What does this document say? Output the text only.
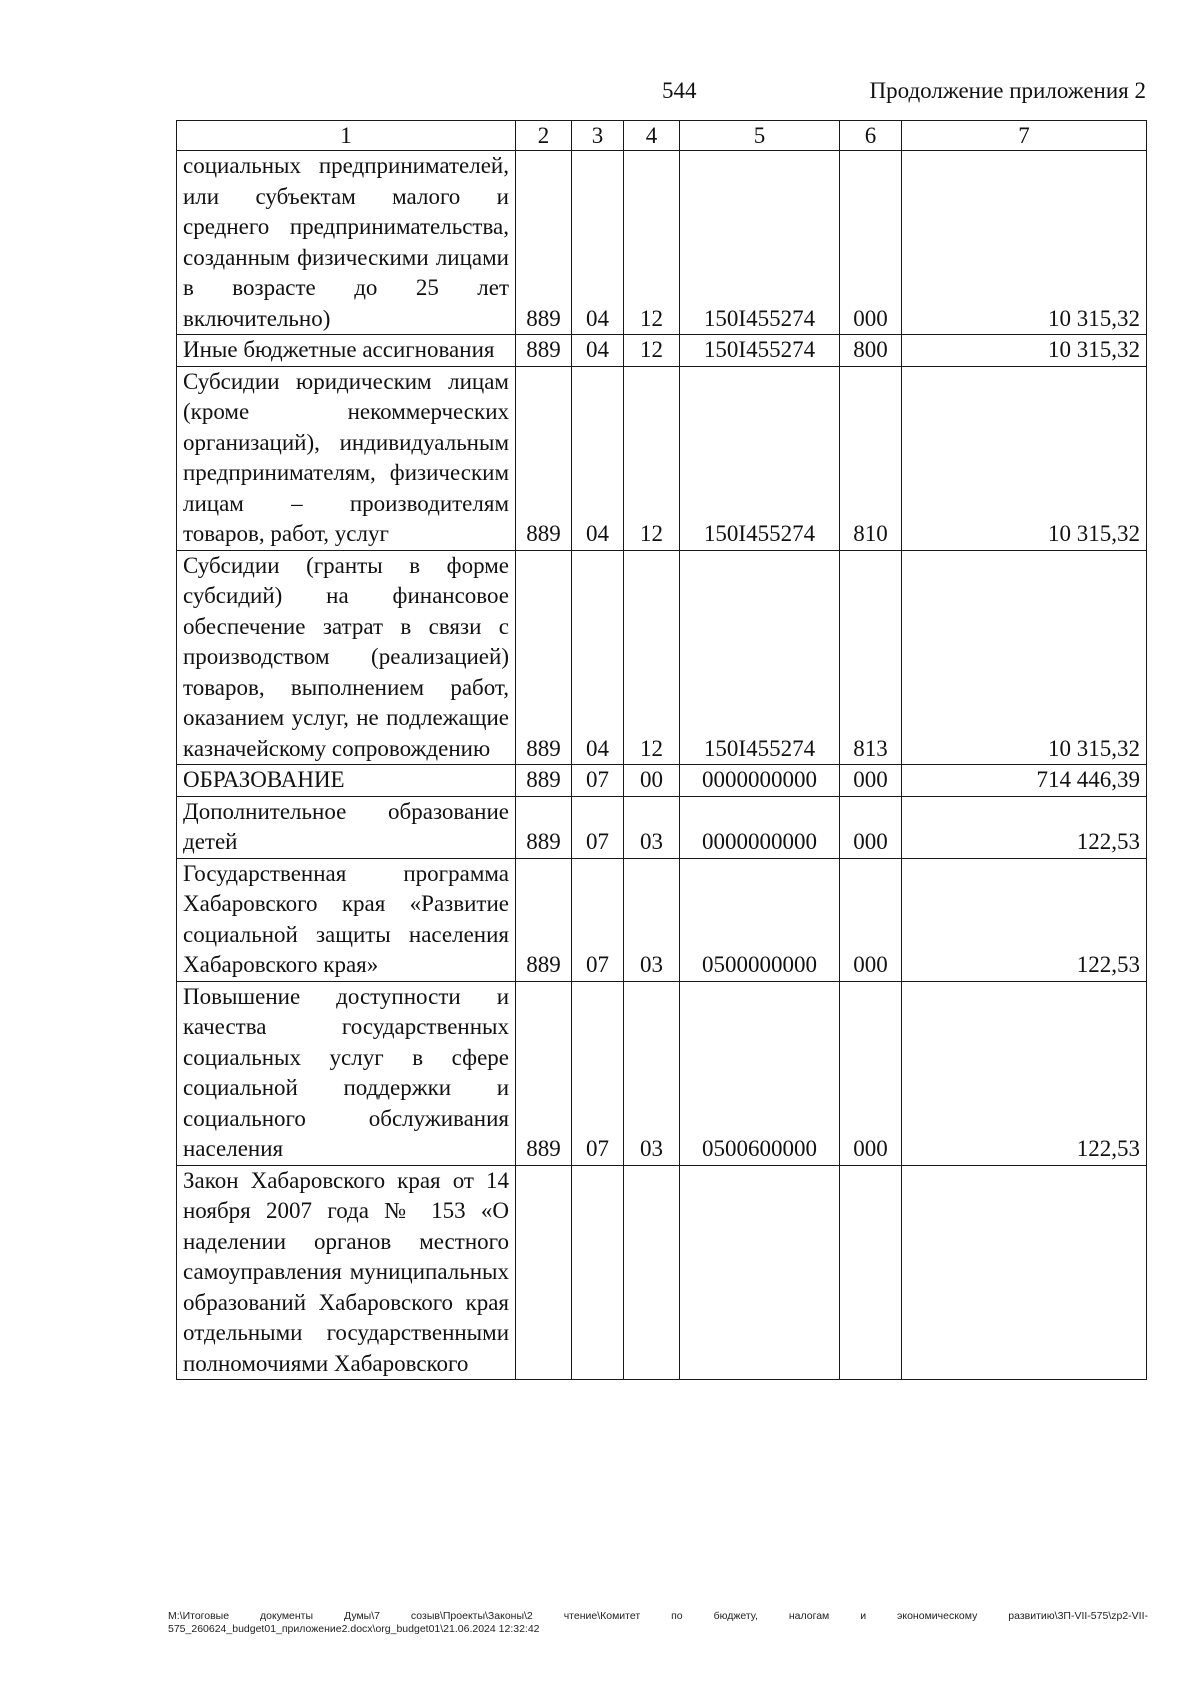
544	Продолжение приложения 2
1	2	3	4	5	6	7
социальных предпринимателей, или субъектам малого и среднего предпринимательства, созданным физическими лицами в возрасте до 25 лет включительно)	889	04	12	150I455274	000	10 315,32
Иные бюджетные ассигнования	889	04	12	150I455274	800	10 315,32
Субсидии юридическим лицам (кроме некоммерческих организаций), индивидуальным предпринимателям, физическим лицам – производителям товаров, работ, услуг	889	04	12	150I455274	810	10 315,32
Субсидии (гранты в форме субсидий) на финансовое обеспечение затрат в связи с производством (реализацией) товаров, выполнением работ, оказанием услуг, не подлежащие казначейскому сопровождению	889	04	12	150I455274	813	10 315,32
ОБРАЗОВАНИЕ	889	07	00	0000000000	000	714 446,39
Дополнительное образование детей	889	07	03	0000000000	000	122,53
Государственная программа Хабаровского края «Развитие социальной защиты населения Хабаровского края»	889	07	03	0500000000	000	122,53
Повышение доступности и качества государственных социальных услуг в сфере социальной поддержки и социального обслуживания населения	889	07	03	0500600000	000	122,53
Закон Хабаровского края от 14 ноября 2007 года № 153 «О наделении органов местного самоуправления муниципальных образований Хабаровского края отдельными государственными полномочиями Хабаровского						
M:\Итоговые документы Думы\7 созыв\Проекты\Законы\2 чтение\Комитет по бюджету, налогам и экономическому развитию\3П-VII-575\zp2-VII-575_260624_budget01_приложение2.docx\org_budget01\21.06.2024 12:32:42
